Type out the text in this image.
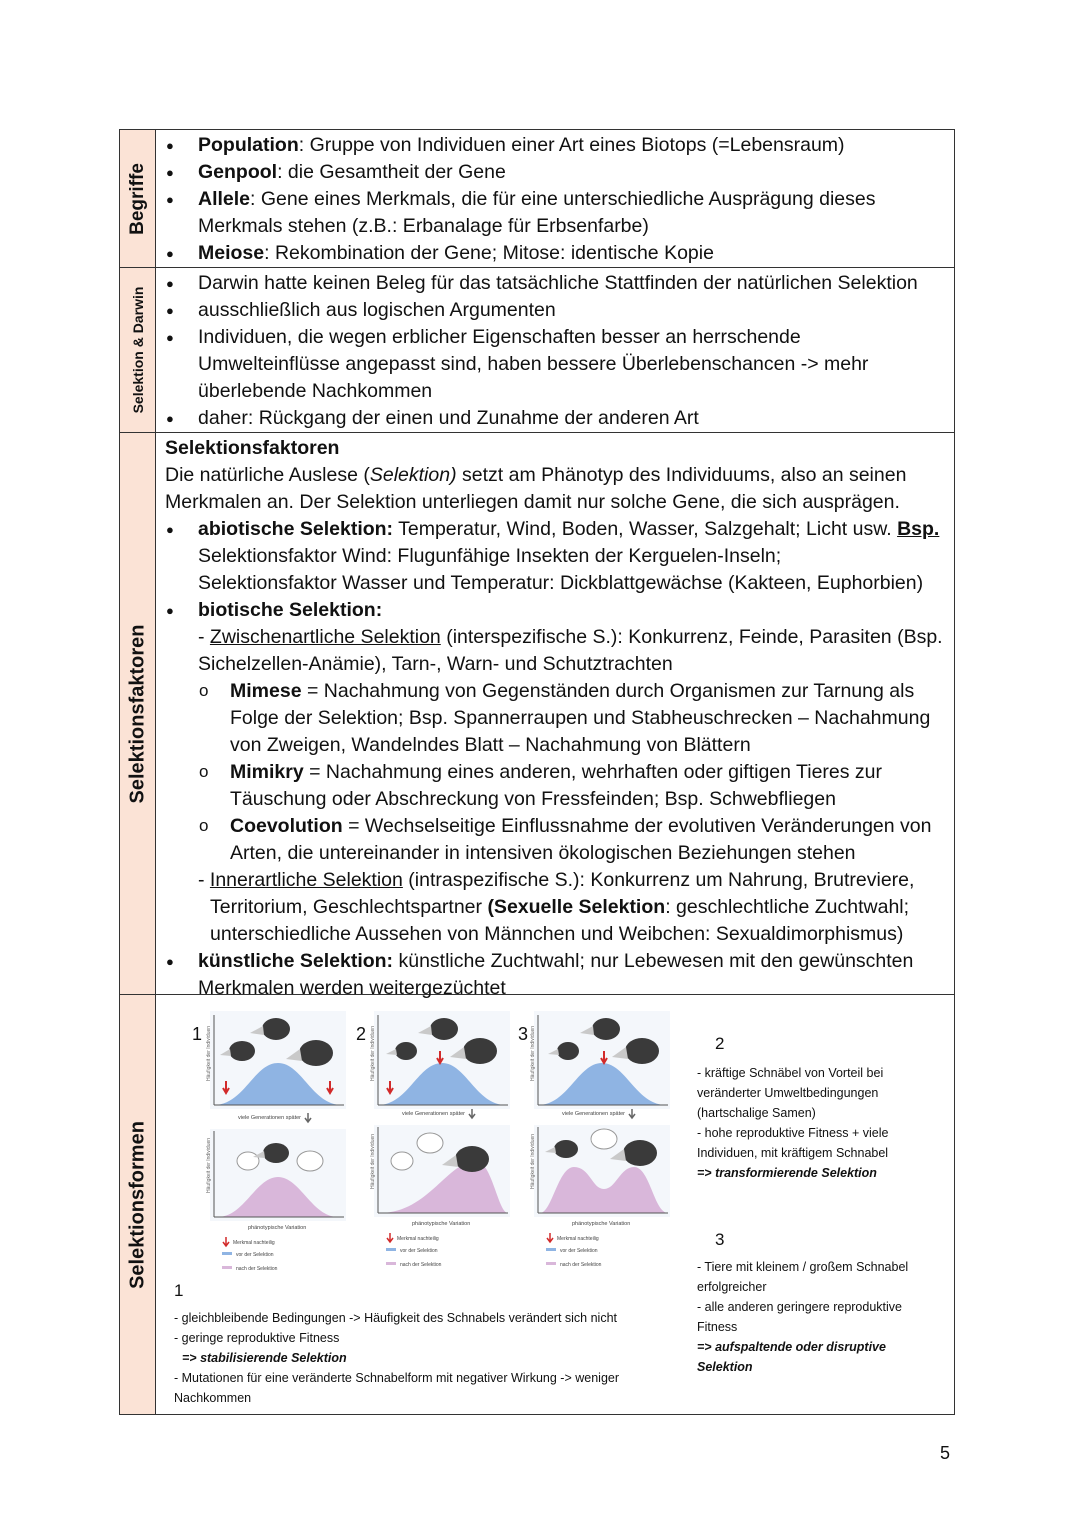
Begriffe
● Population: Gruppe von Individuen einer Art eines Biotops (=Lebensraum)
● Genpool: die Gesamtheit der Gene
● Allele: Gene eines Merkmals, die für eine unterschiedliche Ausprägung dieses Merkmals stehen (z.B.: Erbanalage für Erbsenfarbe)
● Meiose: Rekombination der Gene; Mitose: identische Kopie
Selektion & Darwin
● Darwin hatte keinen Beleg für das tatsächliche Stattfinden der natürlichen Selektion
● ausschließlich aus logischen Argumenten
● Individuen, die wegen erblicher Eigenschaften besser an herrschende Umwelteinflüsse angepasst sind, haben bessere Überlebenschancen -> mehr überlebende Nachkommen
● daher: Rückgang der einen und Zunahme der anderen Art
Selektionsfaktoren
Selektionsfaktoren
Die natürliche Auslese (Selektion) setzt am Phänotyp des Individuums, also an seinen Merkmalen an. Der Selektion unterliegen damit nur solche Gene, die sich ausprägen.
● abiotische Selektion: Temperatur, Wind, Boden, Wasser, Salzgehalt; Licht usw. Bsp.
Selektionsfaktor Wind: Flugunfähige Insekten der Kerguelen-Inseln;
Selektionsfaktor Wasser und Temperatur: Dickblattgewächse (Kakteen, Euphorbien)
● biotische Selektion:
- Zwischenartliche Selektion (interspezifische S.): Konkurrenz, Feinde, Parasiten (Bsp. Sichelzellen-Anämie), Tarn-, Warn- und Schutztrachten
o Mimese = Nachahmung von Gegenständen durch Organismen zur Tarnung als Folge der Selektion; Bsp. Spannerraupen und Stabheuschrecken – Nachahmung von Zweigen, Wandelndes Blatt – Nachahmung von Blättern
o Mimikry = Nachahmung eines anderen, wehrhaften oder giftigen Tieres zur Täuschung oder Abschreckung von Fressfeinden; Bsp. Schwebfliegen
o Coevolution = Wechselseitige Einflussnahme der evolutiven Veränderungen von Arten, die untereinander in intensiven ökologischen Beziehungen stehen
- Innerartliche Selektion (intraspezifische S.): Konkurrenz um Nahrung, Brutreviere, Territorium, Geschlechtspartner (Sexuelle Selektion: geschlechtliche Zuchtwahl; unterschiedliche Aussehen von Männchen und Weibchen: Sexualdimorphismus)
● künstliche Selektion: künstliche Zuchtwahl; nur Lebewesen mit den gewünschten Merkmalen werden weitergezüchtet
Selektionsformen
1	2	3
Häufigkeit der Individuen
viele Generationen später
Häufigkeit der Individuen
phänotypische Variation
Merkmal nachteilig
vor der Selektion
nach der Selektion
Häufigkeit der Individuen
viele Generationen später
Häufigkeit der Individuen
phänotypische Variation
Merkmal nachteilig
vor der Selektion
nach der Selektion
Häufigkeit der Individuen
viele Generationen später
Häufigkeit der Individuen
phänotypische Variation
Merkmal nachteilig
vor der Selektion
nach der Selektion
1
- gleichbleibende Bedingungen -> Häufigkeit des Schnabels verändert sich nicht
- geringe reproduktive Fitness
=> stabilisierende Selektion
- Mutationen für eine veränderte Schnabelform mit negativer Wirkung -> weniger Nachkommen
2
- kräftige Schnäbel von Vorteil bei veränderter Umweltbedingungen (hartschalige Samen)
- hohe reproduktive Fitness + viele Individuen, mit kräftigem Schnabel
=> transformierende Selektion
3
- Tiere mit kleinem / großem Schnabel erfolgreicher
- alle anderen geringere reproduktive Fitness
=> aufspaltende oder disruptive Selektion
5
